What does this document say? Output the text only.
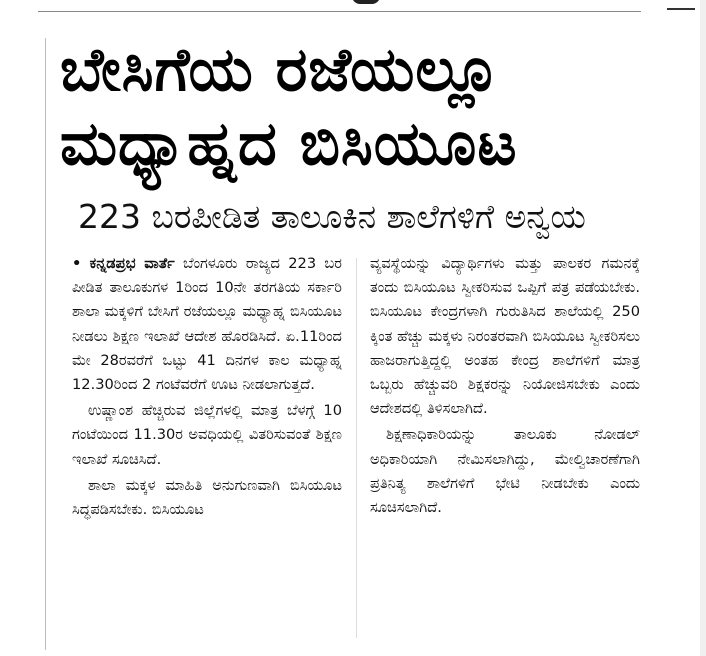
ಬೇಸಿಗೆಯ ರಜೆಯಲ್ಲೂ
ಮಧ್ಯಾಹ್ನದ ಬಿಸಿಯೂಟ
223 ಬರಪೀಡಿತ ತಾಲೂಕಿನ ಶಾಲೆಗಳಿಗೆ ಅನ್ವಯ

• ಕನ್ನಡಪ್ರಭ ವಾರ್ತೆ ಬೆಂಗಳೂರು ರಾಜ್ಯದ 223 ಬರ ಪೀಡಿತ ತಾಲೂಕುಗಳ 1ರಿಂದ 10ನೇ ತರಗತಿಯ ಸರ್ಕಾರಿ ಶಾಲಾ ಮಕ್ಕಳಿಗೆ ಬೇಸಿಗೆ ರಜೆಯಲ್ಲೂ ಮಧ್ಯಾಹ್ನ ಬಿಸಿಯೂಟ ನೀಡಲು ಶಿಕ್ಷಣ ಇಲಾಖೆ ಆದೇಶ ಹೊರಡಿಸಿದೆ. ಏ.11ರಿಂದ ಮೇ 28ರವರೆಗೆ ಒಟ್ಟು 41 ದಿನಗಳ ಕಾಲ ಮಧ್ಯಾಹ್ನ 12.30ರಿಂದ 2 ಗಂಟೆವರೆಗೆ ಊಟ ನೀಡಲಾಗುತ್ತದೆ.

ಉಷ್ಣಾಂಶ ಹೆಚ್ಚಿರುವ ಜಿಲ್ಲೆಗಳಲ್ಲಿ ಮಾತ್ರ ಬೆಳಗ್ಗೆ 10 ಗಂಟೆಯಿಂದ 11.30ರ ಅವಧಿಯಲ್ಲಿ ವಿತರಿಸುವಂತೆ ಶಿಕ್ಷಣ ಇಲಾಖೆ ಸೂಚಿಸಿದೆ.

ಶಾಲಾ ಮಕ್ಕಳ ಮಾಹಿತಿ ಅನುಗುಣವಾಗಿ ಬಿಸಿಯೂಟ ಸಿದ್ಧಪಡಿಸಬೇಕು. ಬಿಸಿಯೂಟ

ವ್ಯವಸ್ಥೆಯನ್ನು ವಿದ್ಯಾರ್ಥಿಗಳು ಮತ್ತು ಪಾಲಕರ ಗಮನಕ್ಕೆ ತಂದು ಬಿಸಿಯೂಟ ಸ್ವೀಕರಿಸುವ ಒಪ್ಪಿಗೆ ಪತ್ರ ಪಡೆಯಬೇಕು. ಬಿಸಿಯೂಟ ಕೇಂದ್ರಗಳಾಗಿ ಗುರುತಿಸಿದ ಶಾಲೆಯಲ್ಲಿ 250 ಕ್ಕಿಂತ ಹೆಚ್ಚು ಮಕ್ಕಳು ನಿರಂತರವಾಗಿ ಬಿಸಿಯೂಟ ಸ್ವೀಕರಿಸಲು ಹಾಜರಾಗುತ್ತಿದ್ದಲ್ಲಿ ಅಂತಹ ಕೇಂದ್ರ ಶಾಲೆಗಳಿಗೆ ಮಾತ್ರ ಒಬ್ಬರು ಹೆಚ್ಚುವರಿ ಶಿಕ್ಷಕರನ್ನು ನಿಯೋಜಿಸಬೇಕು ಎಂದು ಆದೇಶದಲ್ಲಿ ತಿಳಿಸಲಾಗಿದೆ.

ಶಿಕ್ಷಣಾಧಿಕಾರಿಯನ್ನು ತಾಲೂಕು ನೋಡಲ್ ಅಧಿಕಾರಿಯಾಗಿ ನೇಮಿಸಲಾಗಿದ್ದು, ಮೇಲ್ವಿಚಾರಣೆಗಾಗಿ ಪ್ರತಿನಿತ್ಯ ಶಾಲೆಗಳಿಗೆ ಭೇಟಿ ನೀಡಬೇಕು ಎಂದು ಸೂಚಿಸಲಾಗಿದೆ.
